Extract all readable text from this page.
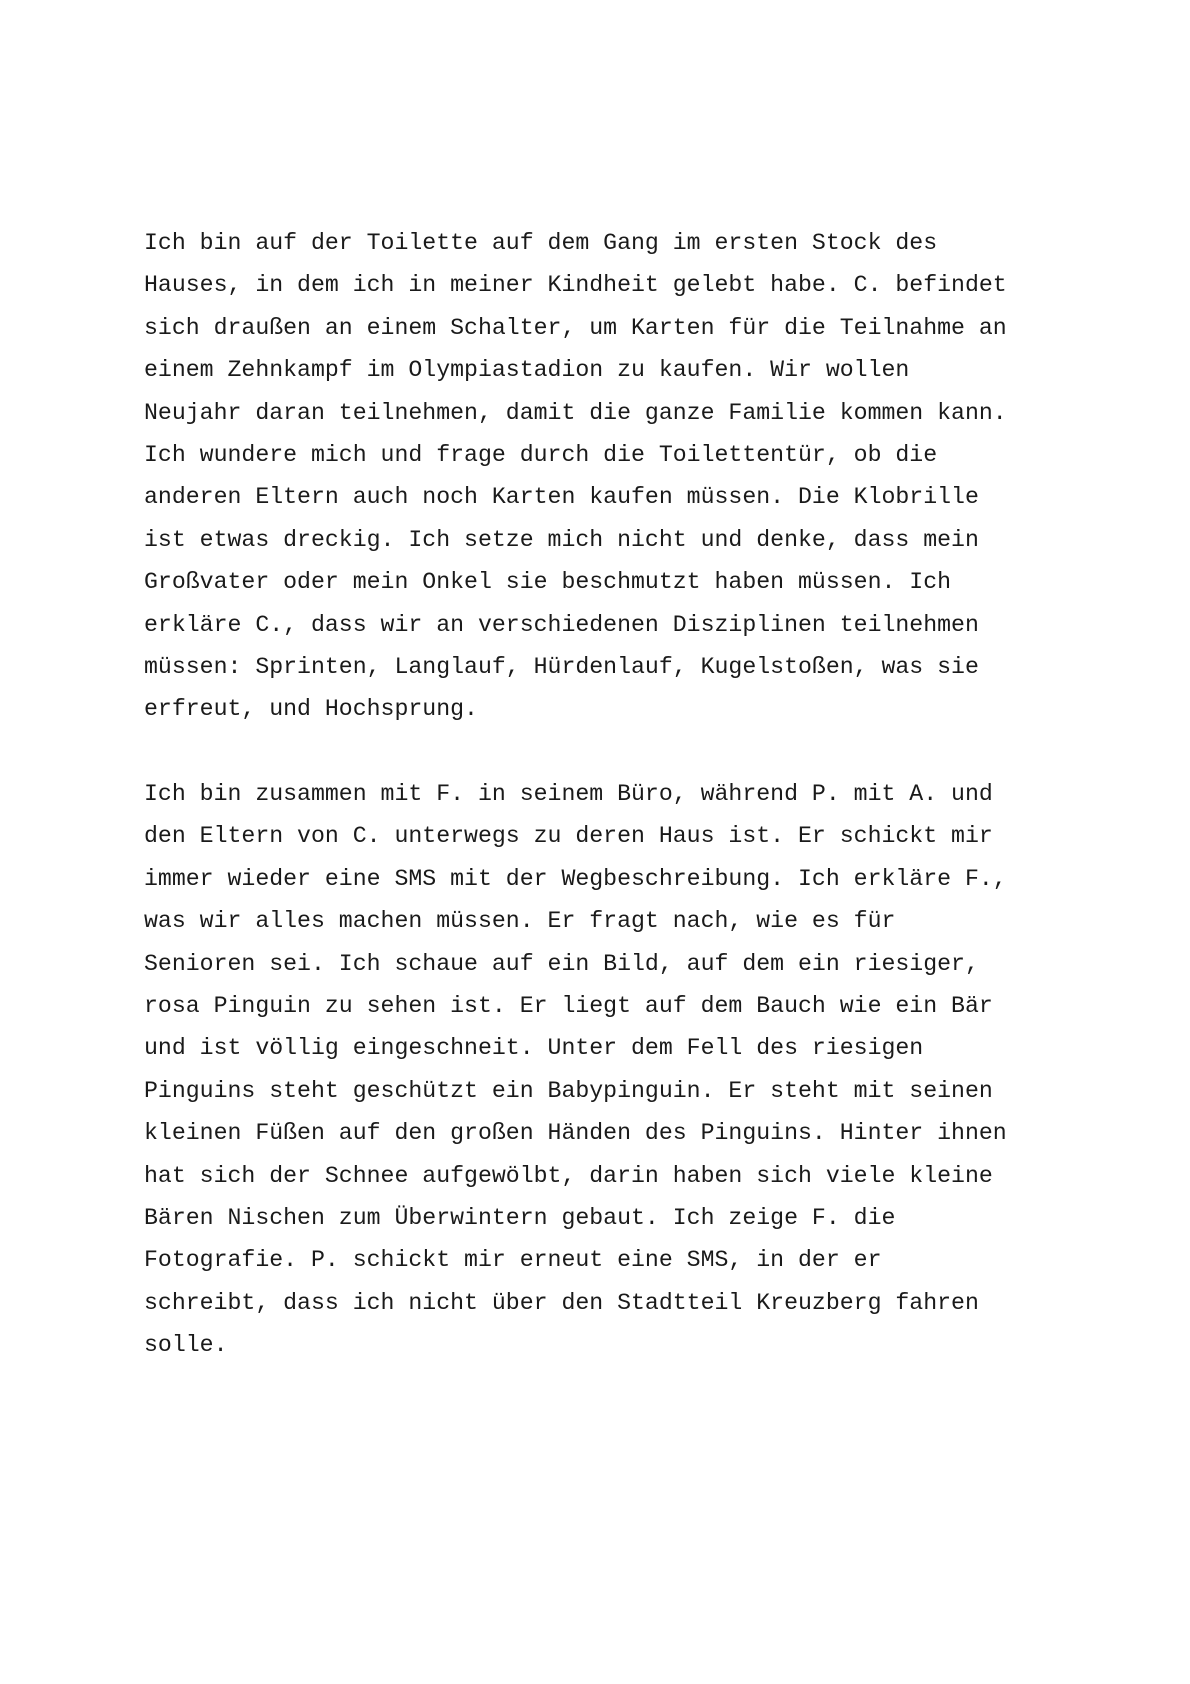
Ich bin auf der Toilette auf dem Gang im ersten Stock des
Hauses, in dem ich in meiner Kindheit gelebt habe. C. befindet
sich draußen an einem Schalter, um Karten für die Teilnahme an
einem Zehnkampf im Olympiastadion zu kaufen. Wir wollen
Neujahr daran teilnehmen, damit die ganze Familie kommen kann.
Ich wundere mich und frage durch die Toilettentür, ob die
anderen Eltern auch noch Karten kaufen müssen. Die Klobrille
ist etwas dreckig. Ich setze mich nicht und denke, dass mein
Großvater oder mein Onkel sie beschmutzt haben müssen. Ich
erkläre C., dass wir an verschiedenen Disziplinen teilnehmen
müssen: Sprinten, Langlauf, Hürdenlauf, Kugelstoßen, was sie
erfreut, und Hochsprung.
Ich bin zusammen mit F. in seinem Büro, während P. mit A. und
den Eltern von C. unterwegs zu deren Haus ist. Er schickt mir
immer wieder eine SMS mit der Wegbeschreibung. Ich erkläre F.,
was wir alles machen müssen. Er fragt nach, wie es für
Senioren sei. Ich schaue auf ein Bild, auf dem ein riesiger,
rosa Pinguin zu sehen ist. Er liegt auf dem Bauch wie ein Bär
und ist völlig eingeschneit. Unter dem Fell des riesigen
Pinguins steht geschützt ein Babypinguin. Er steht mit seinen
kleinen Füßen auf den großen Händen des Pinguins. Hinter ihnen
hat sich der Schnee aufgewölbt, darin haben sich viele kleine
Bären Nischen zum Überwintern gebaut. Ich zeige F. die
Fotografie. P. schickt mir erneut eine SMS, in der er
schreibt, dass ich nicht über den Stadtteil Kreuzberg fahren
solle.
